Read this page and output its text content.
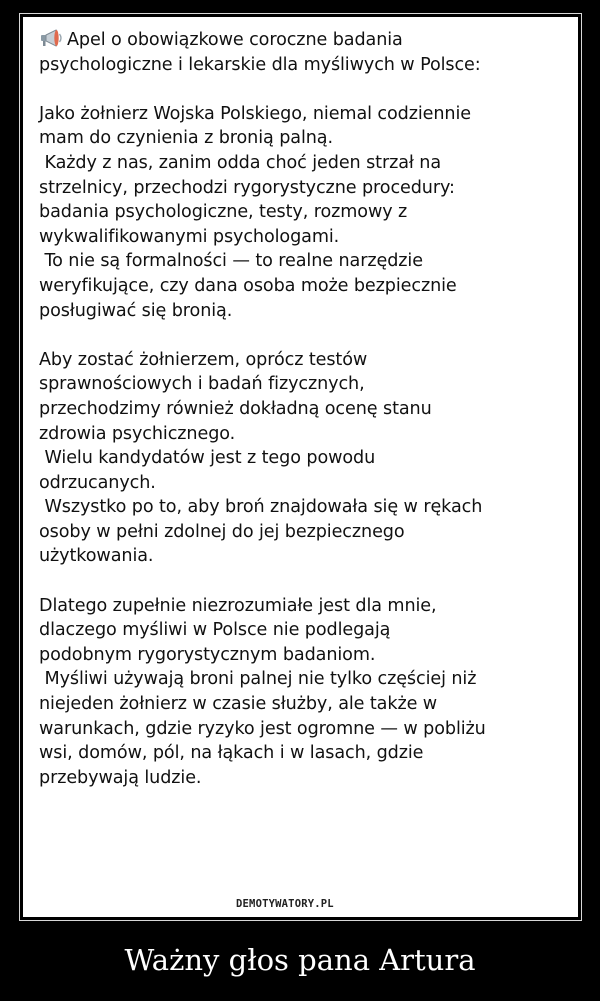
Apel o obowiązkowe coroczne badania
psychologiczne i lekarskie dla myśliwych w Polsce:
Jako żołnierz Wojska Polskiego, niemal codziennie
mam do czynienia z bronią palną.
Każdy z nas, zanim odda choć jeden strzał na
strzelnicy, przechodzi rygorystyczne procedury:
badania psychologiczne, testy, rozmowy z
wykwalifikowanymi psychologami.
To nie są formalności — to realne narzędzie
weryfikujące, czy dana osoba może bezpiecznie
posługiwać się bronią.
Aby zostać żołnierzem, oprócz testów
sprawnościowych i badań fizycznych,
przechodzimy również dokładną ocenę stanu
zdrowia psychicznego.
Wielu kandydatów jest z tego powodu
odrzucanych.
Wszystko po to, aby broń znajdowała się w rękach
osoby w pełni zdolnej do jej bezpiecznego
użytkowania.
Dlatego zupełnie niezrozumiałe jest dla mnie,
dlaczego myśliwi w Polsce nie podlegają
podobnym rygorystycznym badaniom.
Myśliwi używają broni palnej nie tylko częściej niż
niejeden żołnierz w czasie służby, ale także w
warunkach, gdzie ryzyko jest ogromne — w pobliżu
wsi, domów, pól, na łąkach i w lasach, gdzie
przebywają ludzie.
DEMOTYWATORY.PL
Ważny głos pana Artura
